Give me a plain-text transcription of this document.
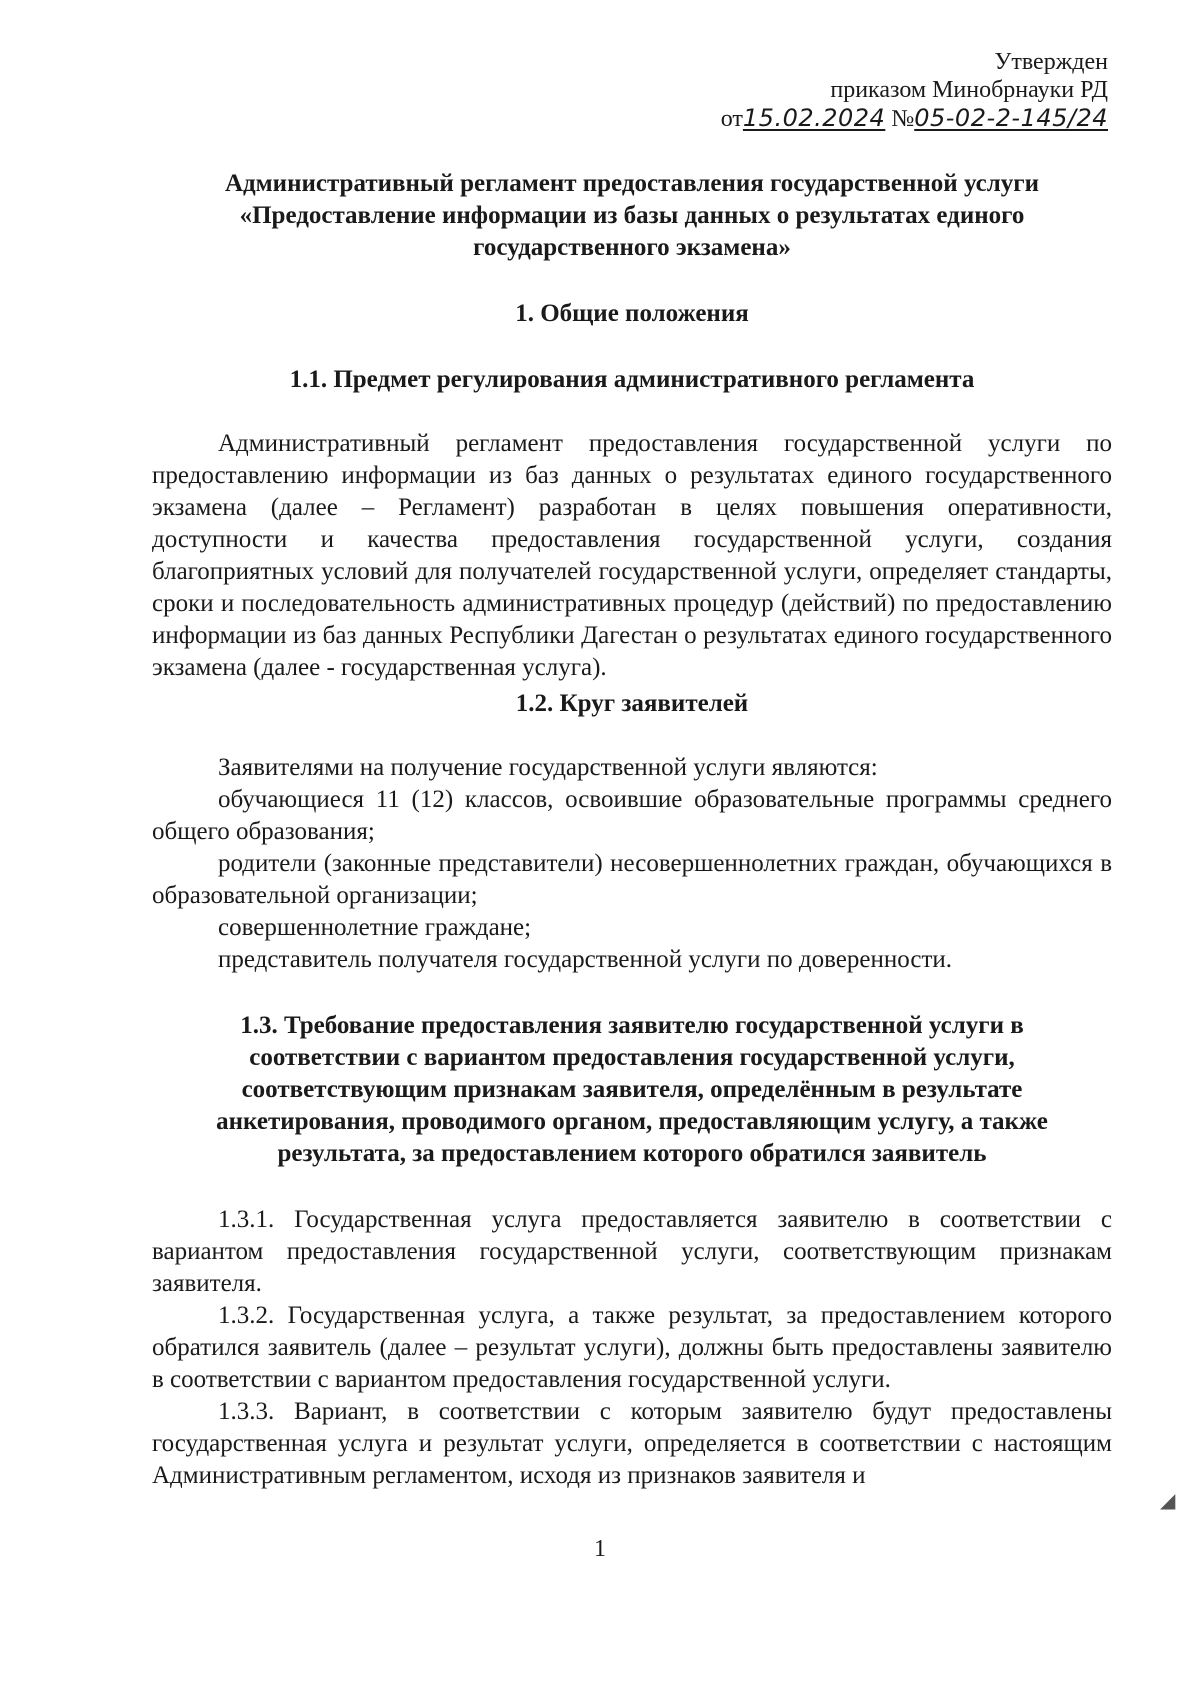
Утвержден
приказом Минобрнауки РД
от15.02.2024 №05-02-2-145/24
Административный регламент предоставления государственной услуги
«Предоставление информации из базы данных о результатах единого
государственного экзамена»
1. Общие положения
1.1. Предмет регулирования административного регламента

Административный регламент предоставления государственной услуги по предоставлению информации из баз данных о результатах единого государственного экзамена (далее – Регламент) разработан в целях повышения оперативности, доступности и качества предоставления государственной услуги, создания благоприятных условий для получателей государственной услуги, определяет стандарты, сроки и последовательность административных процедур (действий) по предоставлению информации из баз данных Республики Дагестан о результатах единого государственного экзамена (далее - государственная услуга).

1.2. Круг заявителей

Заявителями на получение государственной услуги являются:

обучающиеся 11 (12) классов, освоившие образовательные программы среднего общего образования;

родители (законные представители) несовершеннолетних граждан, обучающихся в образовательной организации;

совершеннолетние граждане;

представитель получателя государственной услуги по доверенности.

1.3. Требование предоставления заявителю государственной услуги в
соответствии с вариантом предоставления государственной услуги,
соответствующим признакам заявителя, определённым в результате
анкетирования, проводимого органом, предоставляющим услугу, а также
результата, за предоставлением которого обратился заявитель

1.3.1. Государственная услуга предоставляется заявителю в соответствии с вариантом предоставления государственной услуги, соответствующим признакам заявителя.

1.3.2. Государственная услуга, а также результат, за предоставлением которого обратился заявитель (далее – результат услуги), должны быть предоставлены заявителю в соответствии с вариантом предоставления государственной услуги.

1.3.3. Вариант, в соответствии с которым заявителю будут предоставлены государственная услуга и результат услуги, определяется в соответствии с настоящим Административным регламентом, исходя из признаков заявителя и

1
◢
